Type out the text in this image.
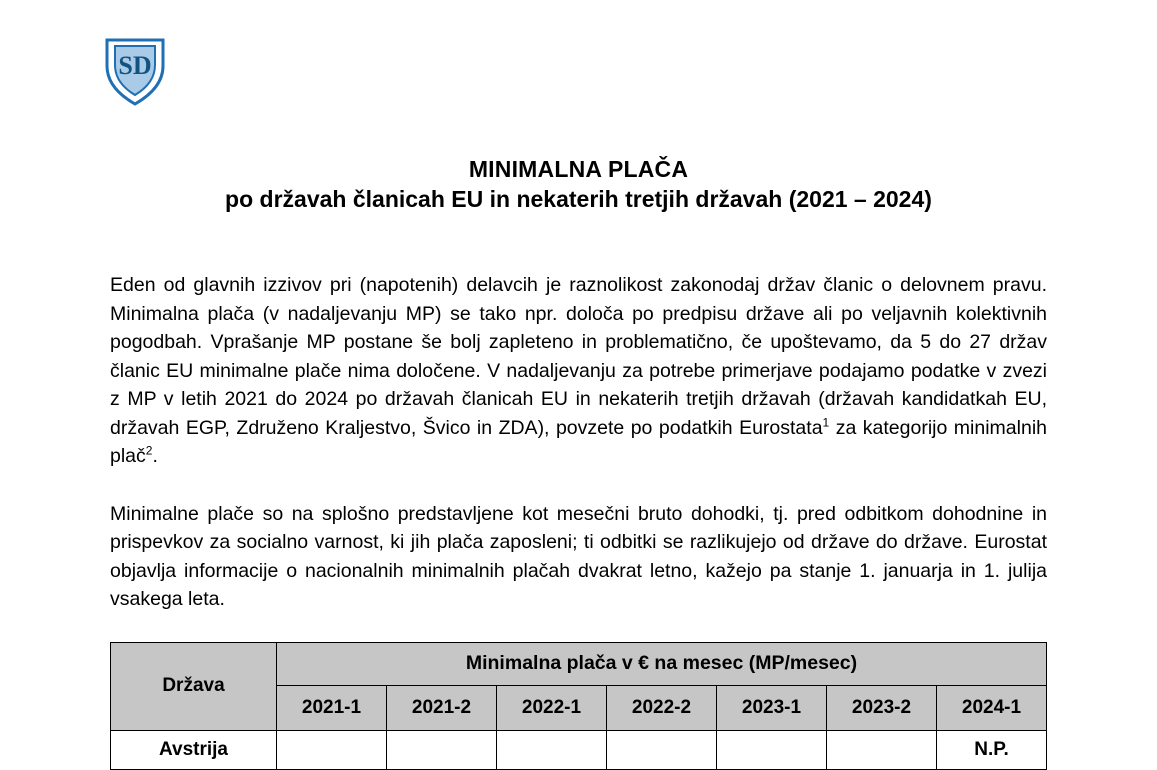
SD
MINIMALNA PLAČA
po državah članicah EU in nekaterih tretjih državah (2021 – 2024)

Eden od glavnih izzivov pri (napotenih) delavcih je raznolikost zakonodaj držav članic o delovnem pravu. Minimalna plača (v nadaljevanju MP) se tako npr. določa po predpisu države ali po veljavnih kolektivnih pogodbah. Vprašanje MP postane še bolj zapleteno in problematično, če upoštevamo, da 5 do 27 držav članic EU minimalne plače nima določene. V nadaljevanju za potrebe primerjave podajamo podatke v zvezi z MP v letih 2021 do 2024 po državah članicah EU in nekaterih tretjih državah (državah kandidatkah EU, državah EGP, Združeno Kraljestvo, Švico in ZDA), povzete po podatkih Eurostata$^1$ za kategorijo minimalnih plač$^2$.

Minimalne plače so na splošno predstavljene kot mesečni bruto dohodki, tj. pred odbitkom dohodnine in prispevkov za socialno varnost, ki jih plača zaposleni; ti odbitki se razlikujejo od države do države. Eurostat objavlja informacije o nacionalnih minimalnih plačah dvakrat letno, kažejo pa stanje 1. januarja in 1. julija vsakega leta.

Država	Minimalna plača v € na mesec (MP/mesec)						
	2021-1	2021-2	2022-1	2022-2	2023-1	2023-2	2024-1
Avstrija							N.P.
